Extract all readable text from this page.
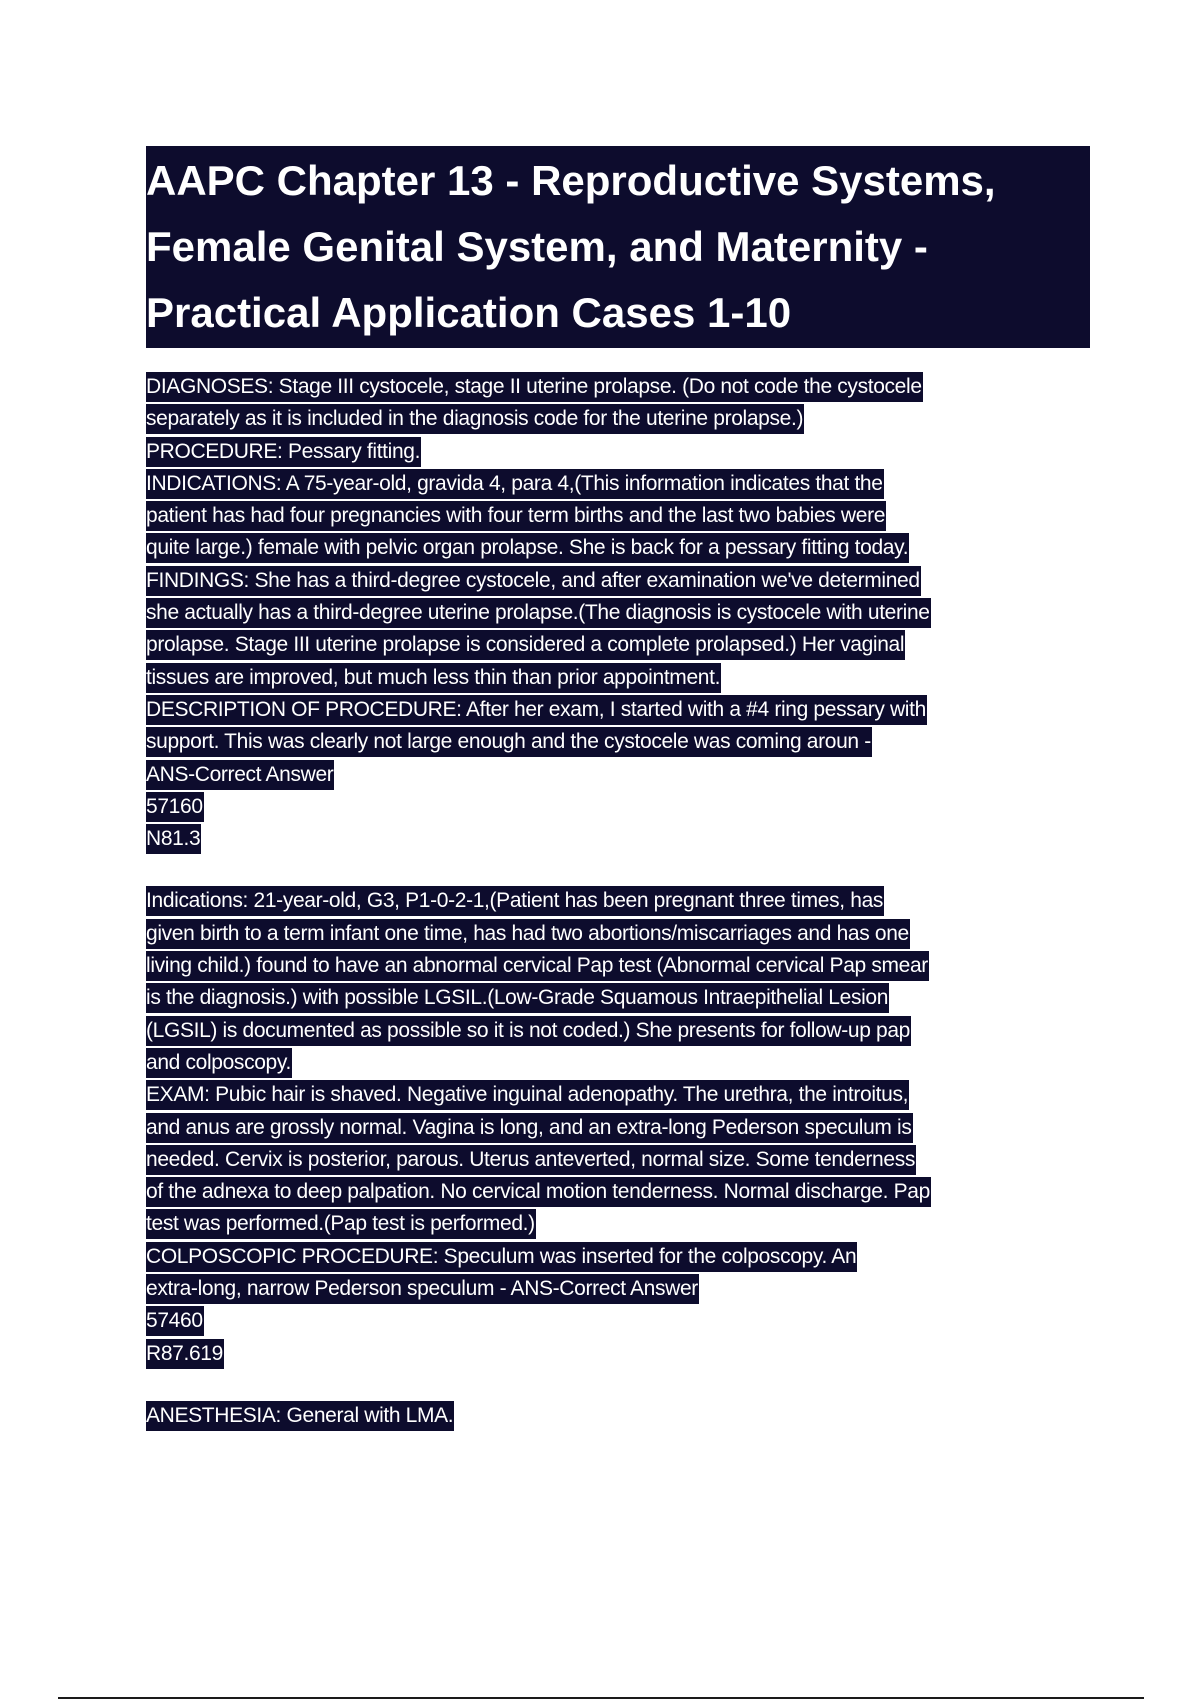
AAPC Chapter 13 - Reproductive Systems,
Female Genital System, and Maternity -
Practical Application Cases 1-10
DIAGNOSES: Stage III cystocele, stage II uterine prolapse. (Do not code the cystocele
separately as it is included in the diagnosis code for the uterine prolapse.)
PROCEDURE: Pessary fitting.
INDICATIONS: A 75-year-old, gravida 4, para 4,(This information indicates that the
patient has had four pregnancies with four term births and the last two babies were
quite large.) female with pelvic organ prolapse. She is back for a pessary fitting today.
FINDINGS: She has a third-degree cystocele, and after examination we've determined
she actually has a third-degree uterine prolapse.(The diagnosis is cystocele with uterine
prolapse. Stage III uterine prolapse is considered a complete prolapsed.) Her vaginal
tissues are improved, but much less thin than prior appointment.
DESCRIPTION OF PROCEDURE: After her exam, I started with a #4 ring pessary with
support. This was clearly not large enough and the cystocele was coming aroun -
ANS-Correct Answer
57160
N81.3
Indications: 21-year-old, G3, P1-0-2-1,(Patient has been pregnant three times, has
given birth to a term infant one time, has had two abortions/miscarriages and has one
living child.) found to have an abnormal cervical Pap test (Abnormal cervical Pap smear
is the diagnosis.) with possible LGSIL.(Low-Grade Squamous Intraepithelial Lesion
(LGSIL) is documented as possible so it is not coded.) She presents for follow-up pap
and colposcopy.
EXAM: Pubic hair is shaved. Negative inguinal adenopathy. The urethra, the introitus,
and anus are grossly normal. Vagina is long, and an extra-long Pederson speculum is
needed. Cervix is posterior, parous. Uterus anteverted, normal size. Some tenderness
of the adnexa to deep palpation. No cervical motion tenderness. Normal discharge. Pap
test was performed.(Pap test is performed.)
COLPOSCOPIC PROCEDURE: Speculum was inserted for the colposcopy. An
extra-long, narrow Pederson speculum - ANS-Correct Answer
57460
R87.619
ANESTHESIA: General with LMA.
